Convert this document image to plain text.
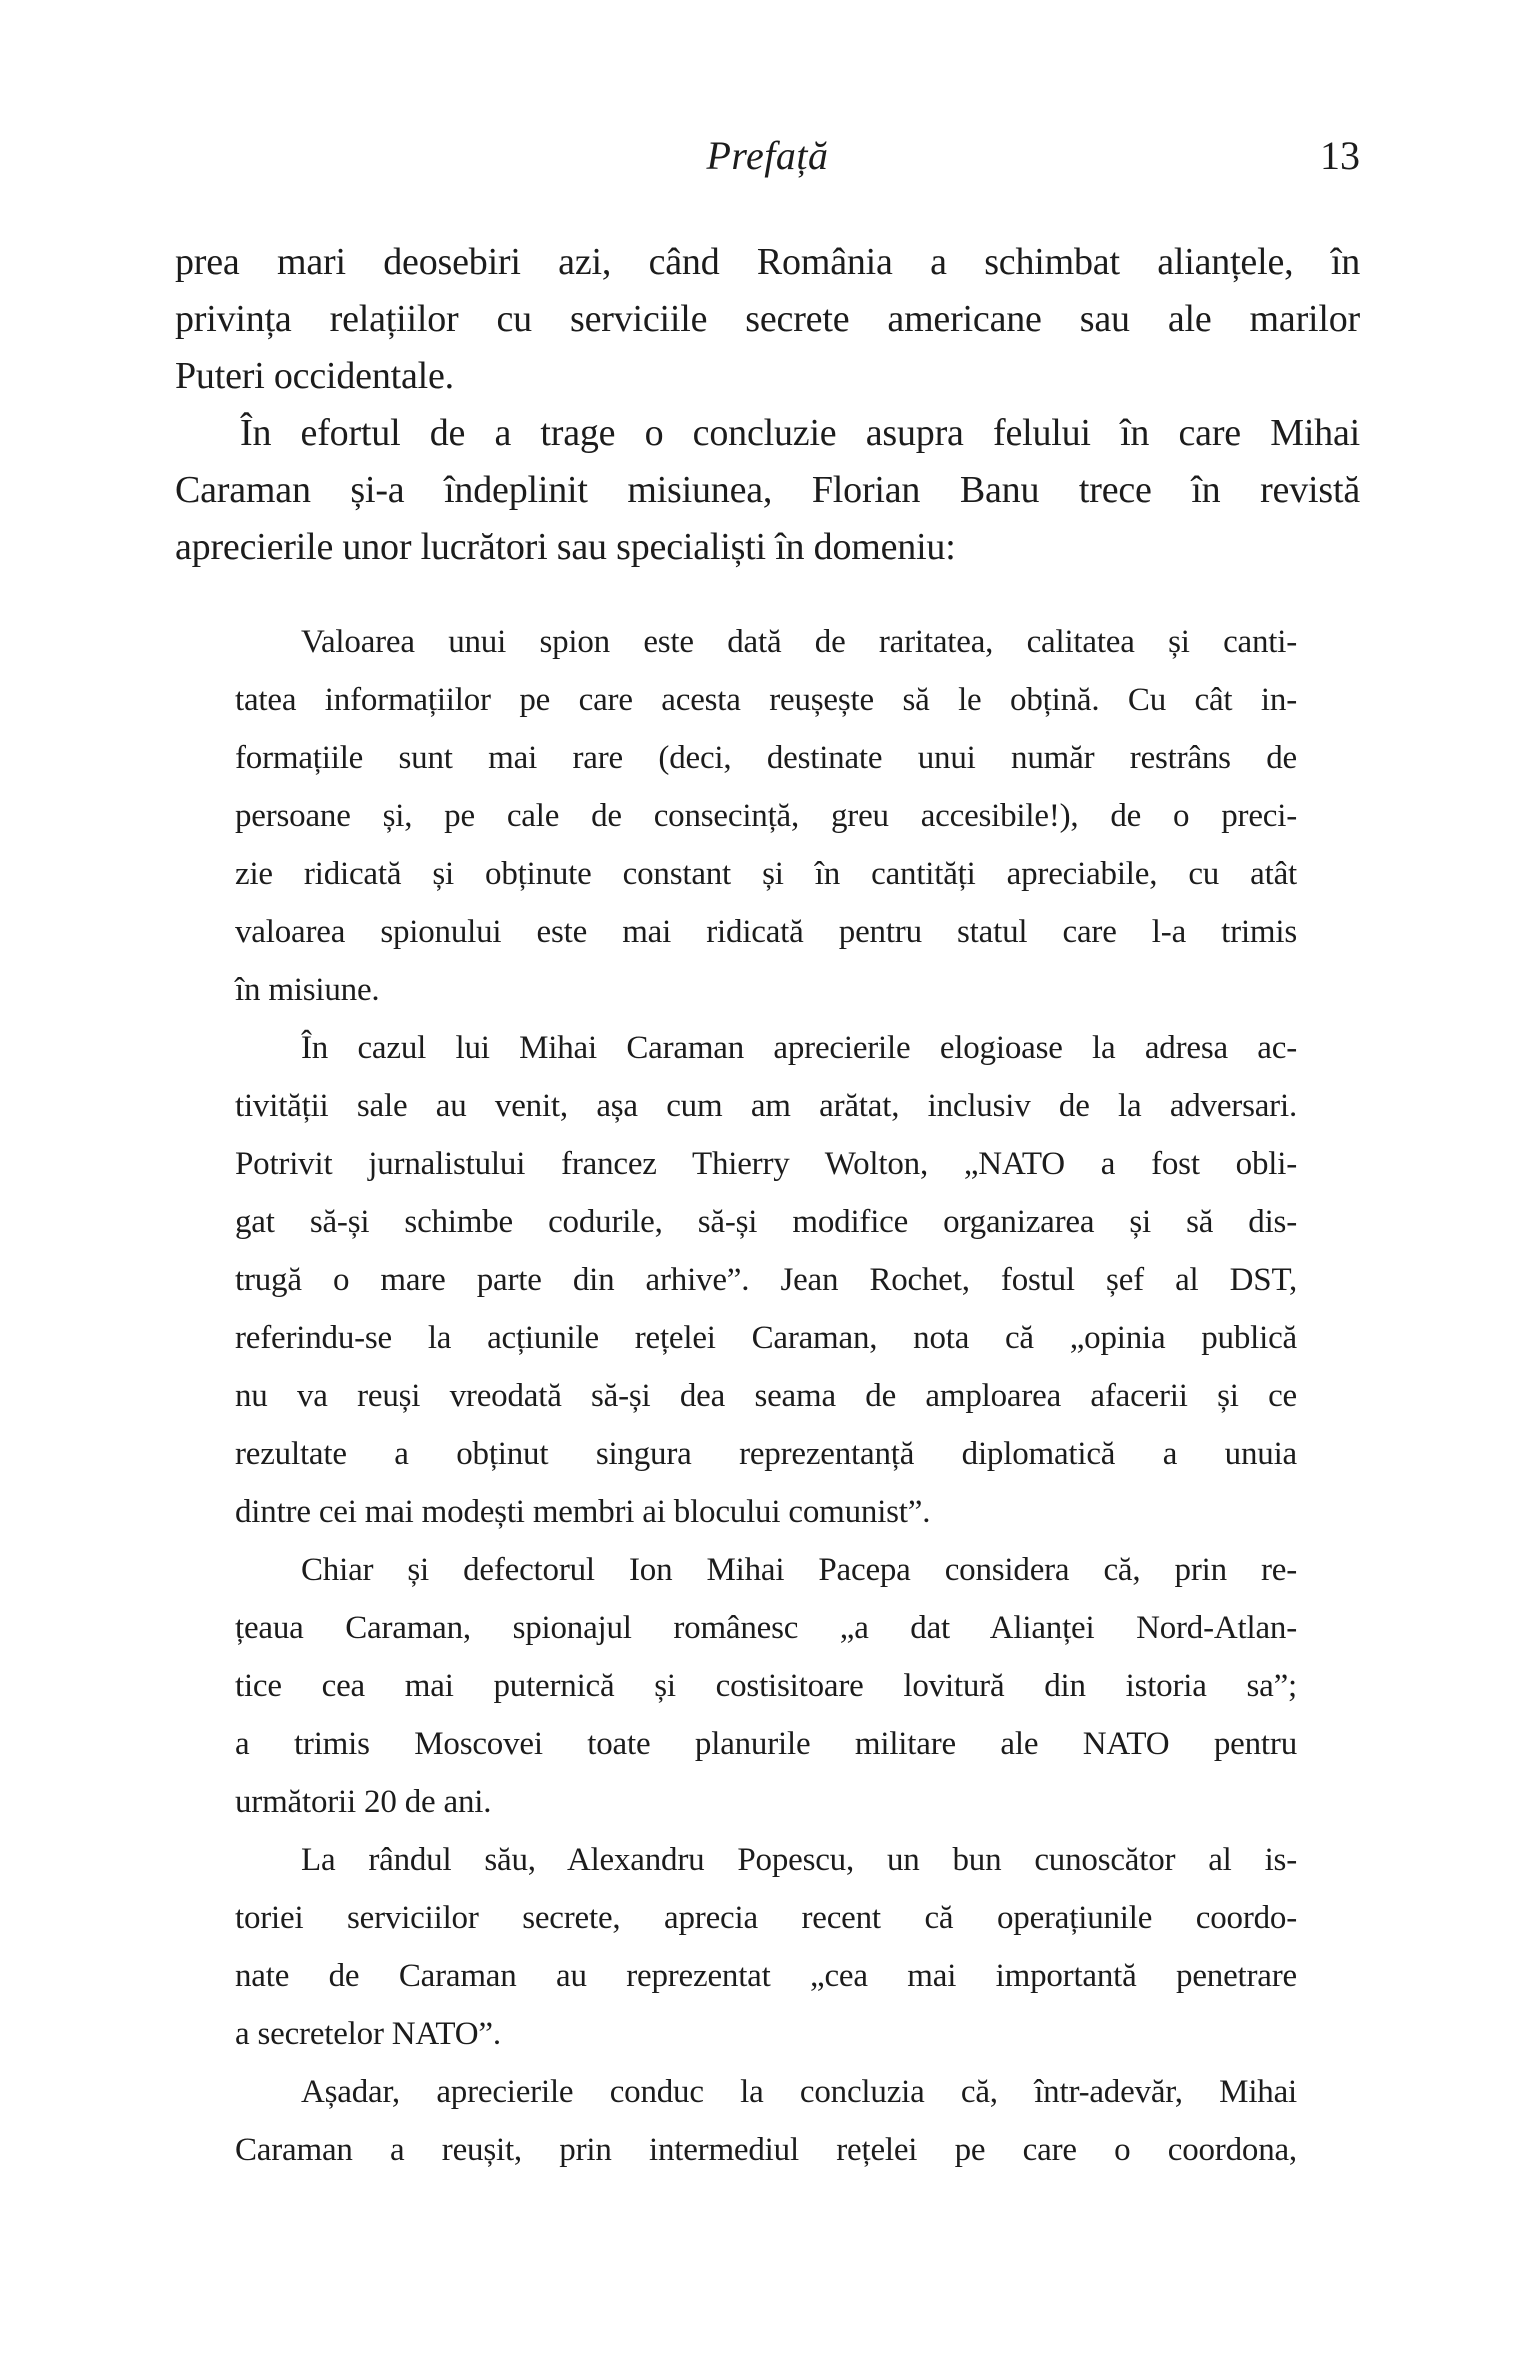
Prefață	13
prea mari deosebiri azi, când România a schimbat alianțele, în
privința relațiilor cu serviciile secrete americane sau ale marilor
Puteri occidentale.
În efortul de a trage o concluzie asupra felului în care Mihai
Caraman și-a îndeplinit misiunea, Florian Banu trece în revistă
aprecierile unor lucrători sau specialiști în domeniu:
Valoarea unui spion este dată de raritatea, calitatea și canti-
tatea informațiilor pe care acesta reușește să le obțină. Cu cât in-
formațiile sunt mai rare (deci, destinate unui număr restrâns de
persoane și, pe cale de consecință, greu accesibile!), de o preci-
zie ridicată și obținute constant și în cantități apreciabile, cu atât
valoarea spionului este mai ridicată pentru statul care l-a trimis
în misiune.
În cazul lui Mihai Caraman aprecierile elogioase la adresa ac-
tivității sale au venit, așa cum am arătat, inclusiv de la adversari.
Potrivit jurnalistului francez Thierry Wolton, „NATO a fost obli-
gat să-și schimbe codurile, să-și modifice organizarea și să dis-
trugă o mare parte din arhive”. Jean Rochet, fostul șef al DST,
referindu-se la acțiunile rețelei Caraman, nota că „opinia publică
nu va reuși vreodată să-și dea seama de amploarea afacerii și ce
rezultate a obținut singura reprezentanță diplomatică a unuia
dintre cei mai modești membri ai blocului comunist”.
Chiar și defectorul Ion Mihai Pacepa considera că, prin re-
țeaua Caraman, spionajul românesc „a dat Alianței Nord-Atlan-
tice cea mai puternică și costisitoare lovitură din istoria sa”;
a trimis Moscovei toate planurile militare ale NATO pentru
următorii 20 de ani.
La rândul său, Alexandru Popescu, un bun cunoscător al is-
toriei serviciilor secrete, aprecia recent că operațiunile coordo-
nate de Caraman au reprezentat „cea mai importantă penetrare
a secretelor NATO”.
Așadar, aprecierile conduc la concluzia că, într-adevăr, Mihai
Caraman a reușit, prin intermediul rețelei pe care o coordona,
